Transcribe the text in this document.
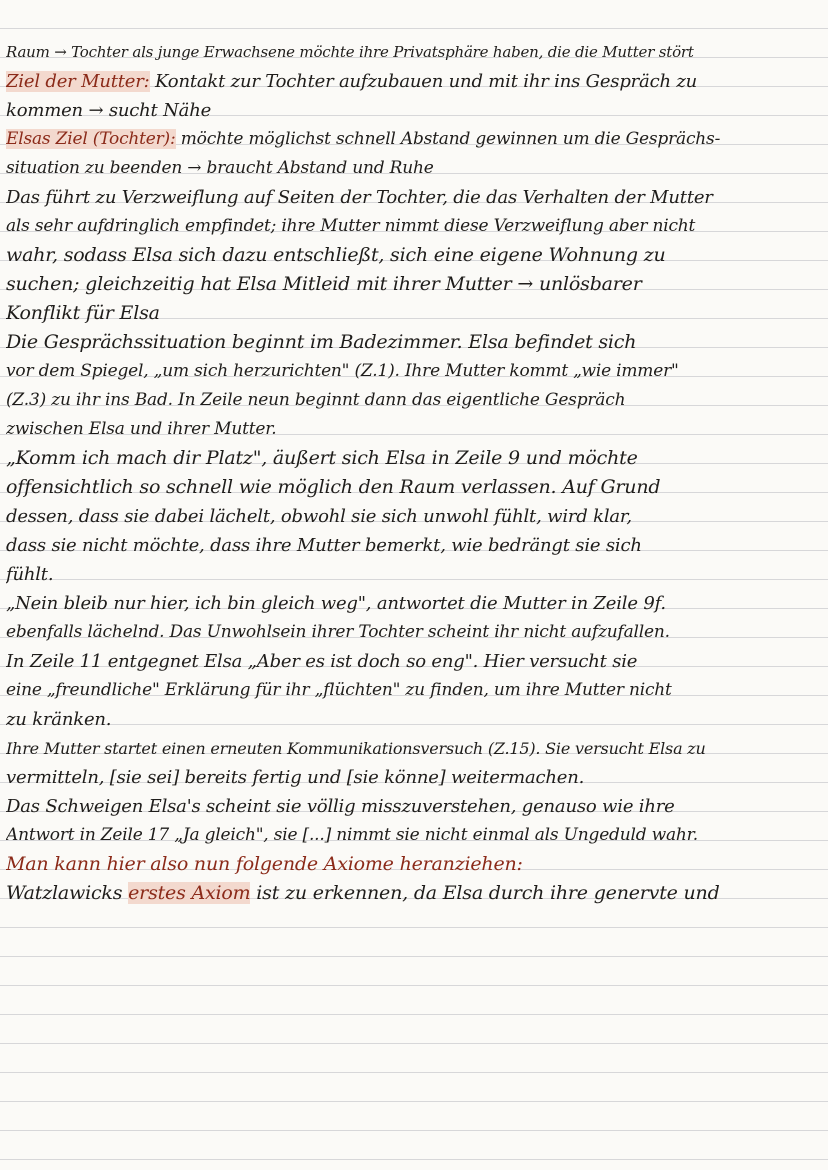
Raum → Tochter als junge Erwachsene möchte ihre Privatsphäre haben, die die Mutter stört
Ziel der Mutter: Kontakt zur Tochter aufzubauen und mit ihr ins Gespräch zu
kommen → sucht Nähe
Elsas Ziel (Tochter): möchte möglichst schnell Abstand gewinnen um die Gesprächs-
situation zu beenden → braucht Abstand und Ruhe
Das führt zu Verzweiflung auf Seiten der Tochter, die das Verhalten der Mutter
als sehr aufdringlich empfindet; ihre Mutter nimmt diese Verzweiflung aber nicht
wahr, sodass Elsa sich dazu entschließt, sich eine eigene Wohnung zu
suchen; gleichzeitig hat Elsa Mitleid mit ihrer Mutter → unlösbarer
Konflikt für Elsa
Die Gesprächssituation beginnt im Badezimmer. Elsa befindet sich
vor dem Spiegel, „um sich herzurichten" (Z.1). Ihre Mutter kommt „wie immer"
(Z.3) zu ihr ins Bad. In Zeile neun beginnt dann das eigentliche Gespräch
zwischen Elsa und ihrer Mutter.
„Komm ich mach dir Platz", äußert sich Elsa in Zeile 9 und möchte
offensichtlich so schnell wie möglich den Raum verlassen. Auf Grund
dessen, dass sie dabei lächelt, obwohl sie sich unwohl fühlt, wird klar,
dass sie nicht möchte, dass ihre Mutter bemerkt, wie bedrängt sie sich
fühlt.
„Nein bleib nur hier, ich bin gleich weg", antwortet die Mutter in Zeile 9f.
ebenfalls lächelnd. Das Unwohlsein ihrer Tochter scheint ihr nicht aufzufallen.
In Zeile 11 entgegnet Elsa „Aber es ist doch so eng". Hier versucht sie
eine „freundliche" Erklärung für ihr „flüchten" zu finden, um ihre Mutter nicht
zu kränken.
Ihre Mutter startet einen erneuten Kommunikationsversuch (Z.15). Sie versucht Elsa zu
vermitteln, [sie sei] bereits fertig und [sie könne] weitermachen.
Das Schweigen Elsa's scheint sie völlig misszuverstehen, genauso wie ihre
Antwort in Zeile 17 „Ja gleich", sie [...] nimmt sie nicht einmal als Ungeduld wahr.
Man kann hier also nun folgende Axiome heranziehen:
Watzlawicks erstes Axiom ist zu erkennen, da Elsa durch ihre genervte und
